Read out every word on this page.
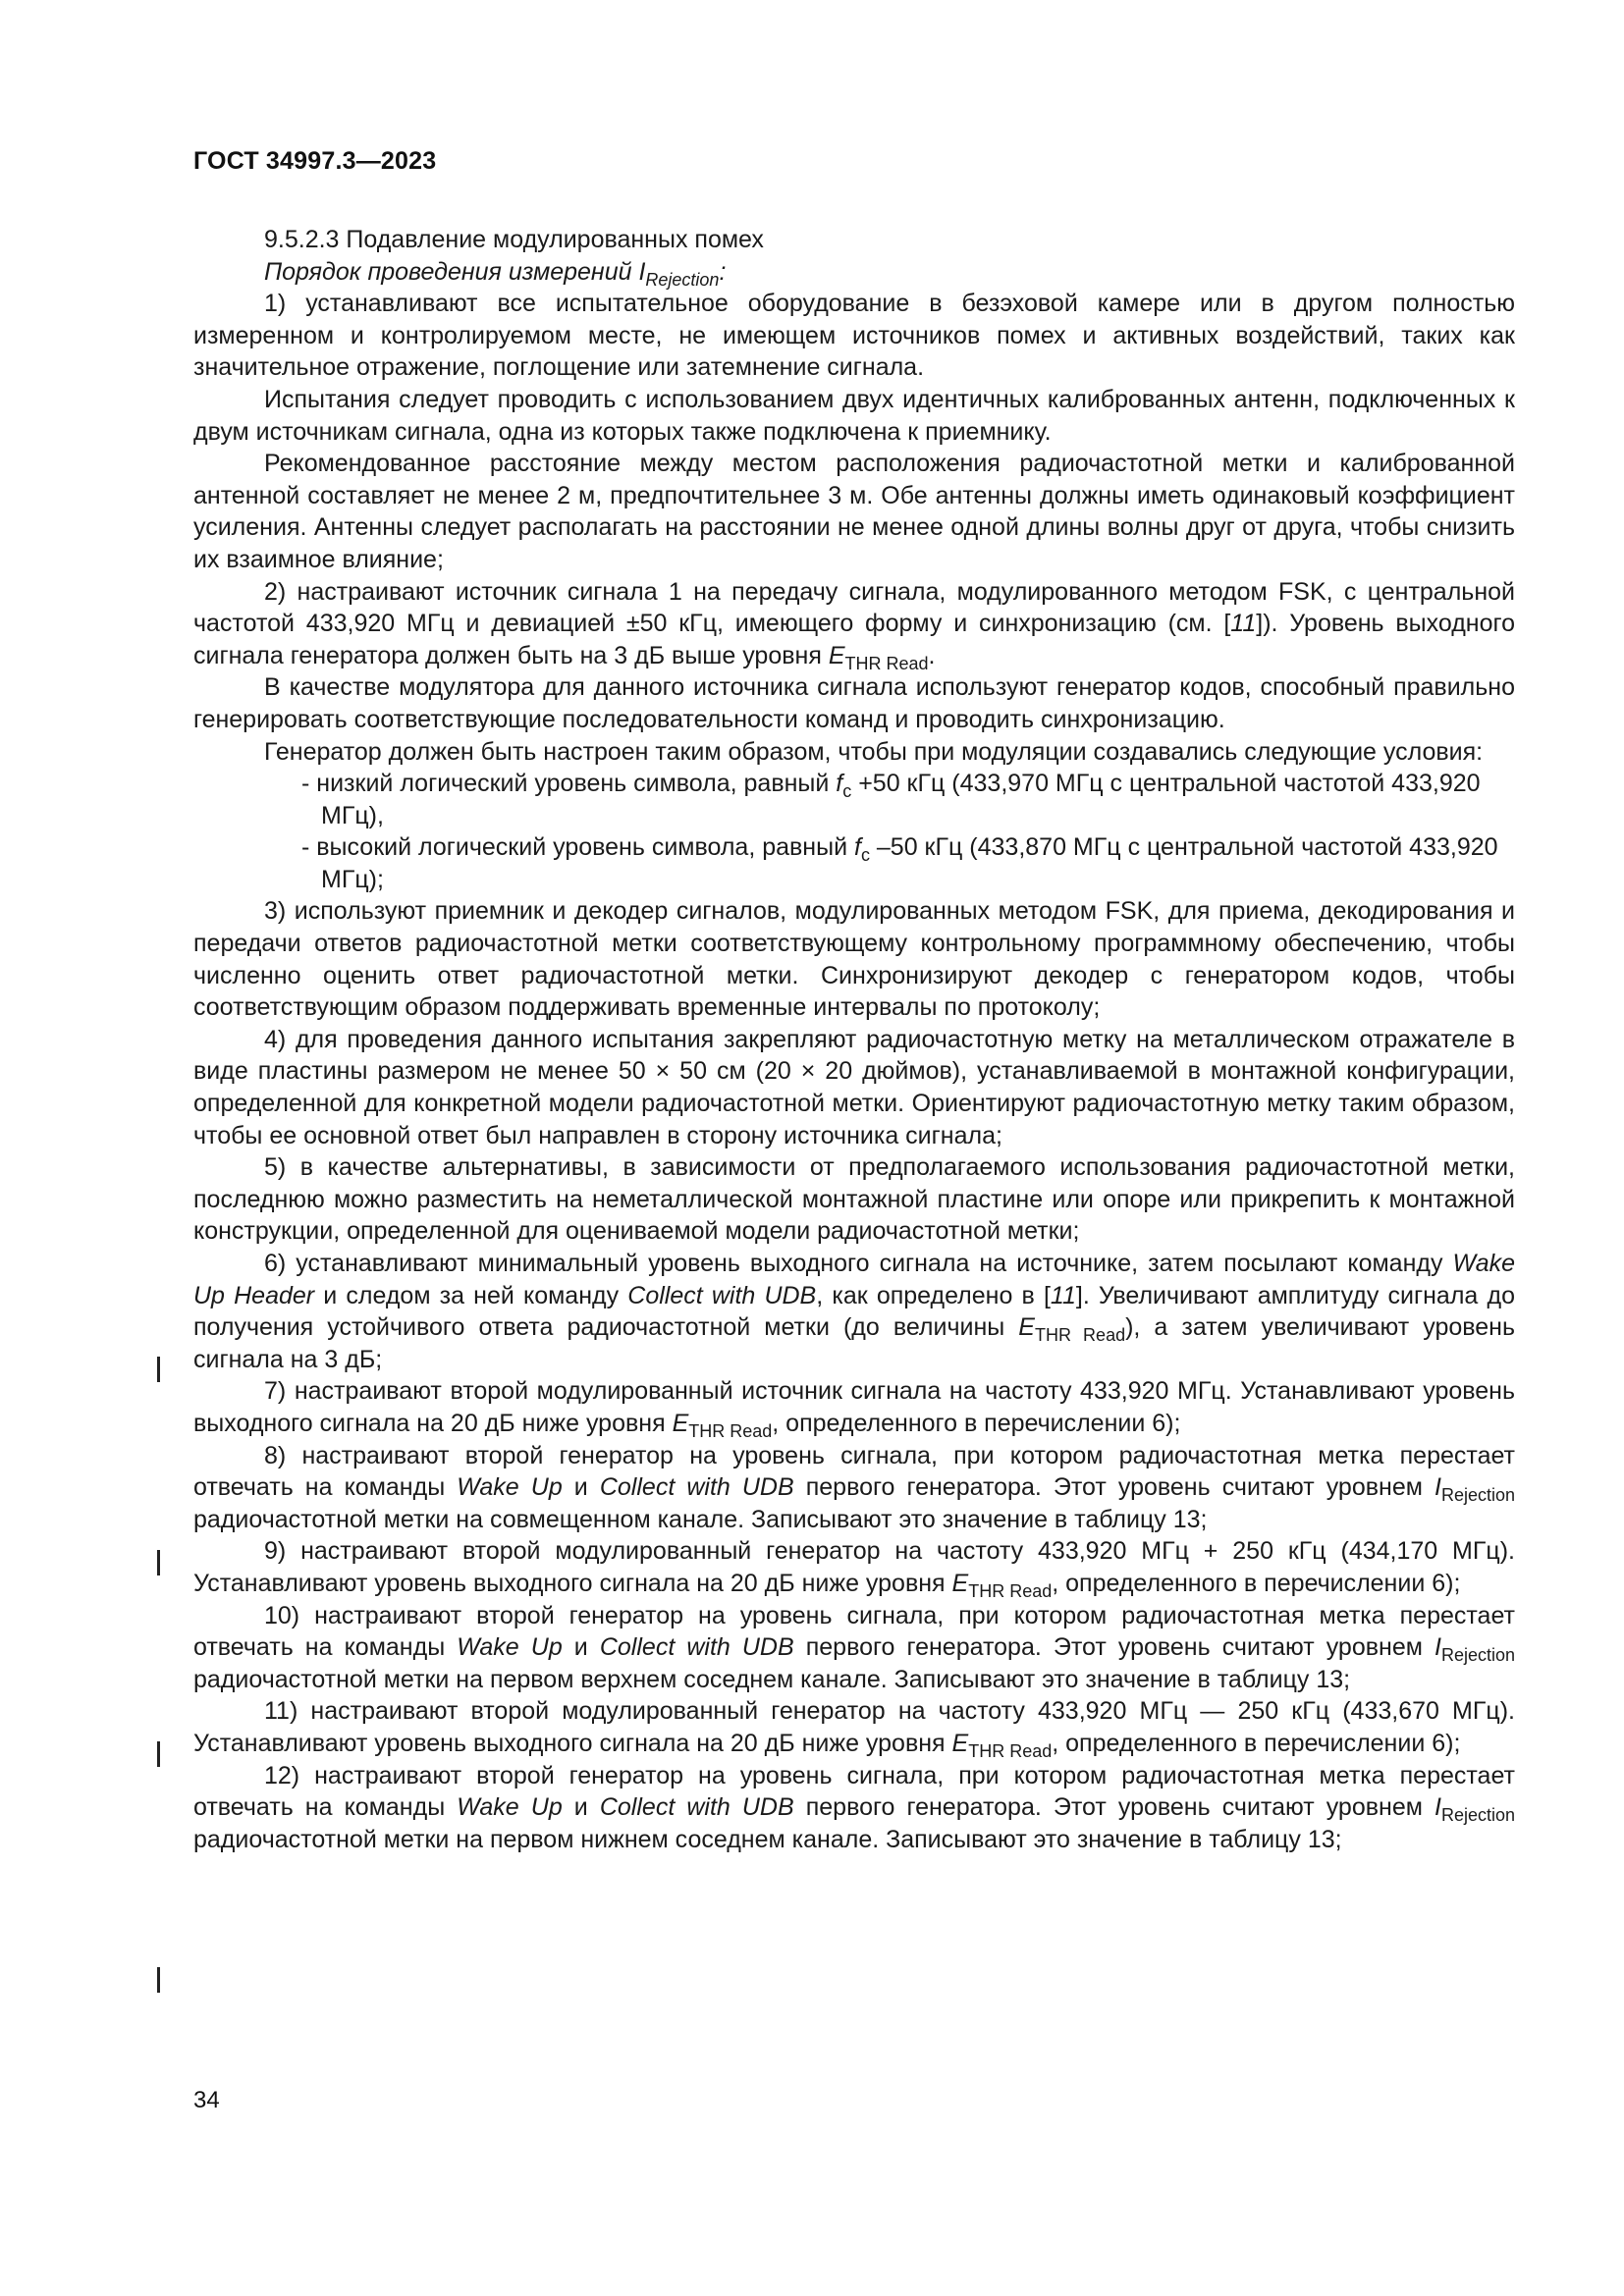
ГОСТ 34997.3—2023

9.5.2.3 Подавление модулированных помех

Порядок проведения измерений $I_{Rejection}$:

1) устанавливают все испытательное оборудование в безэховой камере или в другом полностью измеренном и контролируемом месте, не имеющем источников помех и активных воздействий, таких как значительное отражение, поглощение или затемнение сигнала.

Испытания следует проводить с использованием двух идентичных калиброванных антенн, подключенных к двум источникам сигнала, одна из которых также подключена к приемнику.

Рекомендованное расстояние между местом расположения радиочастотной метки и калиброванной антенной составляет не менее 2 м, предпочтительнее 3 м. Обе антенны должны иметь одинаковый коэффициент усиления. Антенны следует располагать на расстоянии не менее одной длины волны друг от друга, чтобы снизить их взаимное влияние;

2) настраивают источник сигнала 1 на передачу сигнала, модулированного методом FSK, с центральной частотой 433,920 МГц и девиацией ±50 кГц, имеющего форму и синхронизацию (см. [11]). Уровень выходного сигнала генератора должен быть на 3 дБ выше уровня $E_{THR Read}$.

В качестве модулятора для данного источника сигнала используют генератор кодов, способный правильно генерировать соответствующие последовательности команд и проводить синхронизацию.

Генератор должен быть настроен таким образом, чтобы при модуляции создавались следующие условия:

- низкий логический уровень символа, равный $f_c +50$ кГц (433,970 МГц с центральной частотой 433,920 МГц),

- высокий логический уровень символа, равный $f_c$ –50 кГц (433,870 МГц с центральной частотой 433,920 МГц);

3) используют приемник и декодер сигналов, модулированных методом FSK, для приема, декодирования и передачи ответов радиочастотной метки соответствующему контрольному программному обеспечению, чтобы численно оценить ответ радиочастотной метки. Синхронизируют декодер с генератором кодов, чтобы соответствующим образом поддерживать временные интервалы по протоколу;

4) для проведения данного испытания закрепляют радиочастотную метку на металлическом отражателе в виде пластины размером не менее 50 × 50 см (20 × 20 дюймов), устанавливаемой в монтажной конфигурации, определенной для конкретной модели радиочастотной метки. Ориентируют радиочастотную метку таким образом, чтобы ее основной ответ был направлен в сторону источника сигнала;

5) в качестве альтернативы, в зависимости от предполагаемого использования радиочастотной метки, последнюю можно разместить на неметаллической монтажной пластине или опоре или прикрепить к монтажной конструкции, определенной для оцениваемой модели радиочастотной метки;

6) устанавливают минимальный уровень выходного сигнала на источнике, затем посылают команду Wake Up Header и следом за ней команду Collect with UDB, как определено в [11]. Увеличивают амплитуду сигнала до получения устойчивого ответа радиочастотной метки (до величины $E_{THR Read}$), а затем увеличивают уровень сигнала на 3 дБ;

7) настраивают второй модулированный источник сигнала на частоту 433,920 МГц. Устанавливают уровень выходного сигнала на 20 дБ ниже уровня $E_{THR Read}$, определенного в перечислении 6);

8) настраивают второй генератор на уровень сигнала, при котором радиочастотная метка перестает отвечать на команды Wake Up и Collect with UDB первого генератора. Этот уровень считают уровнем $I_{Rejection}$ радиочастотной метки на совмещенном канале. Записывают это значение в таблицу 13;

9) настраивают второй модулированный генератор на частоту 433,920 МГц + 250 кГц (434,170 МГц). Устанавливают уровень выходного сигнала на 20 дБ ниже уровня $E_{THR Read}$, определенного в перечислении 6);

10) настраивают второй генератор на уровень сигнала, при котором радиочастотная метка перестает отвечать на команды Wake Up и Collect with UDB первого генератора. Этот уровень считают уровнем $I_{Rejection}$ радиочастотной метки на первом верхнем соседнем канале. Записывают это значение в таблицу 13;

11) настраивают второй модулированный генератор на частоту 433,920 МГц — 250 кГц (433,670 МГц). Устанавливают уровень выходного сигнала на 20 дБ ниже уровня $E_{THR Read}$, определенного в перечислении 6);

12) настраивают второй генератор на уровень сигнала, при котором радиочастотная метка перестает отвечать на команды Wake Up и Collect with UDB первого генератора. Этот уровень считают уровнем $I_{Rejection}$ радиочастотной метки на первом нижнем соседнем канале. Записывают это значение в таблицу 13;

34
